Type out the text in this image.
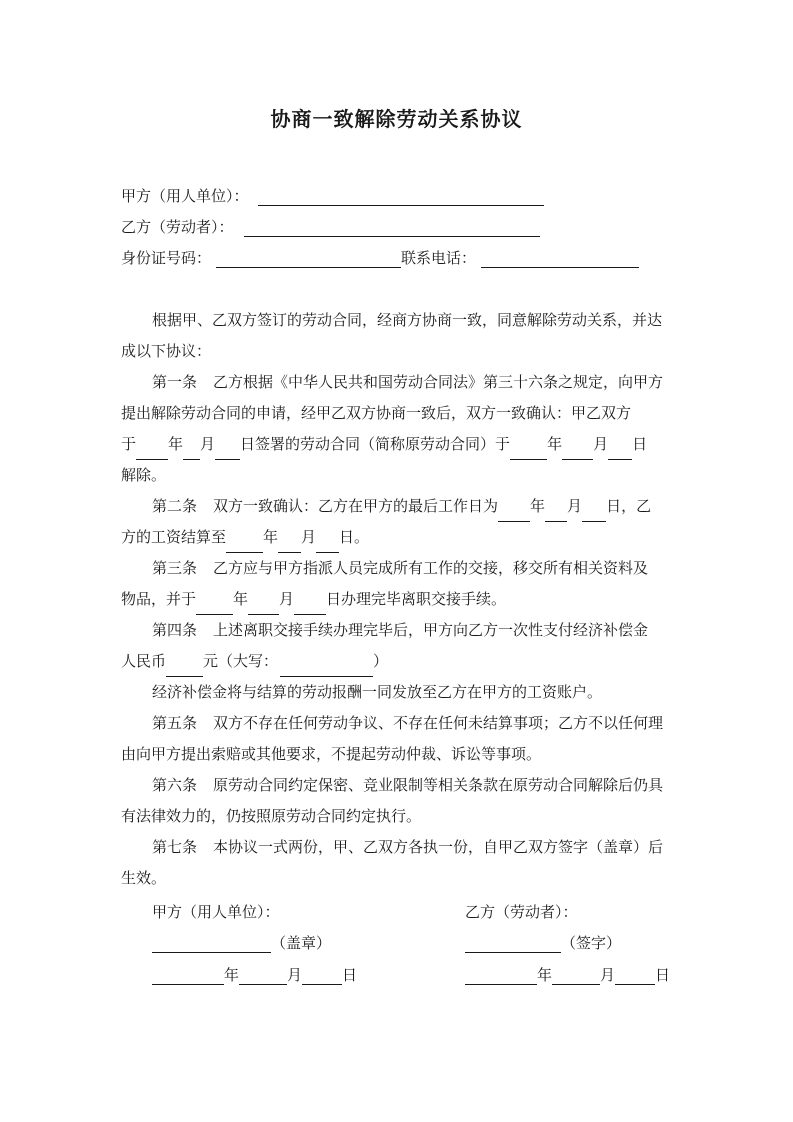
协商一致解除劳动关系协议
甲方（用人单位）：
乙方（劳动者）：
身份证号码：	联系电话：
根据甲、乙双方签订的劳动合同，经商方协商一致，同意解除劳动关系，并达成以下协议：
第一条 乙方根据《中华人民共和国劳动合同法》第三十六条之规定，向甲方提出解除劳动合同的申请，经甲乙双方协商一致后，双方一致确认：甲乙双方
于 年 月 日签署的劳动合同（简称原劳动合同）于 年 月 日
解除。
第二条 双方一致确认：乙方在甲方的最后工作日为 年 月 日，乙
方的工资结算至 年 月 日。
第三条 乙方应与甲方指派人员完成所有工作的交接，移交所有相关资料及
物品，并于 年 月 日办理完毕离职交接手续。
第四条 上述离职交接手续办理完毕后，甲方向乙方一次性支付经济补偿金
人民币 元（大写：	）
经济补偿金将与结算的劳动报酬一同发放至乙方在甲方的工资账户。
第五条 双方不存在任何劳动争议、不存在任何未结算事项；乙方不以任何理由向甲方提出索赔或其他要求，不提起劳动仲裁、诉讼等事项。
第六条 原劳动合同约定保密、竞业限制等相关条款在原劳动合同解除后仍具有法律效力的，仍按照原劳动合同约定执行。
第七条 本协议一式两份，甲、乙双方各执一份，自甲乙双方签字（盖章）后生效。
甲方（用人单位）：	乙方（劳动者）：
（盖章）	（签字）
年	月	日	年	月	日
